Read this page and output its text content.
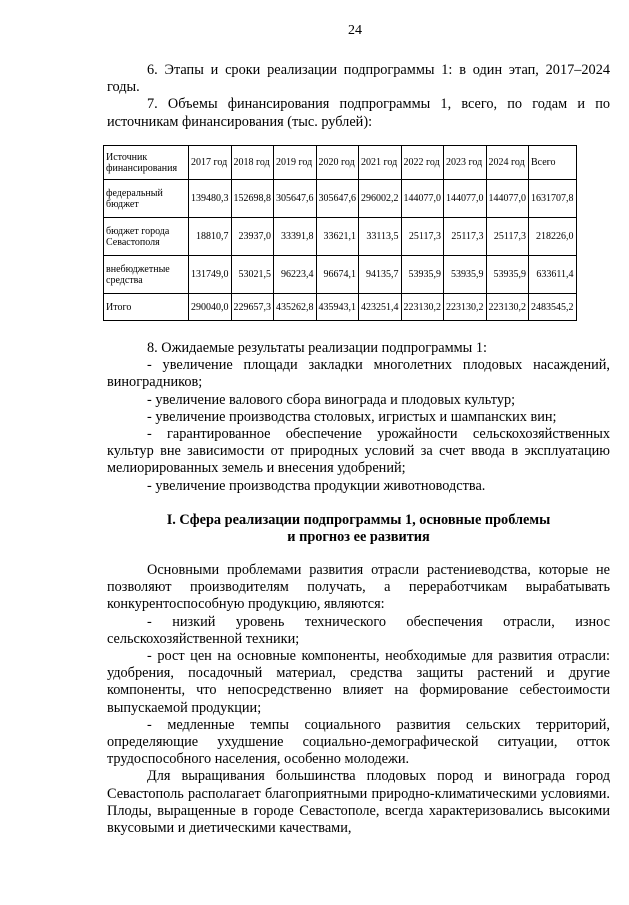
24

6. Этапы и сроки реализации подпрограммы 1: в один этап, 2017–2024 годы.

7. Объемы финансирования подпрограммы 1, всего, по годам и по источникам финансирования (тыс. рублей):

Источник финансирования	2017 год	2018 год	2019 год	2020 год	2021 год	2022 год	2023 год	2024 год	Всего
федеральный бюджет	139480,3	152698,8	305647,6	305647,6	296002,2	144077,0	144077,0	144077,0	1631707,8
бюджет города Севастополя	18810,7	23937,0	33391,8	33621,1	33113,5	25117,3	25117,3	25117,3	218226,0
внебюджетные средства	131749,0	53021,5	96223,4	96674,1	94135,7	53935,9	53935,9	53935,9	633611,4
Итого	290040,0	229657,3	435262,8	435943,1	423251,4	223130,2	223130,2	223130,2	2483545,2

8. Ожидаемые результаты реализации подпрограммы 1:

- увеличение площади закладки многолетних плодовых насаждений, виноградников;

- увеличение валового сбора винограда и плодовых культур;

- увеличение производства столовых, игристых и шампанских вин;

- гарантированное обеспечение урожайности сельскохозяйственных культур вне зависимости от природных условий за счет ввода в эксплуатацию мелиорированных земель и внесения удобрений;

- увеличение производства продукции животноводства.

I. Сфера реализации подпрограммы 1, основные проблемы
и прогноз ее развития

Основными проблемами развития отрасли растениеводства, которые не позволяют производителям получать, а переработчикам вырабатывать конкурентоспособную продукцию, являются:

- низкий уровень технического обеспечения отрасли, износ сельскохозяйственной техники;

- рост цен на основные компоненты, необходимые для развития отрасли: удобрения, посадочный материал, средства защиты растений и другие компоненты, что непосредственно влияет на формирование себестоимости выпускаемой продукции;

- медленные темпы социального развития сельских территорий, определяющие ухудшение социально-демографической ситуации, отток трудоспособного населения, особенно молодежи.

Для выращивания большинства плодовых пород и винограда город Севастополь располагает благоприятными природно-климатическими условиями. Плоды, выращенные в городе Севастополе, всегда характеризовались высокими вкусовыми и диетическими качествами,
